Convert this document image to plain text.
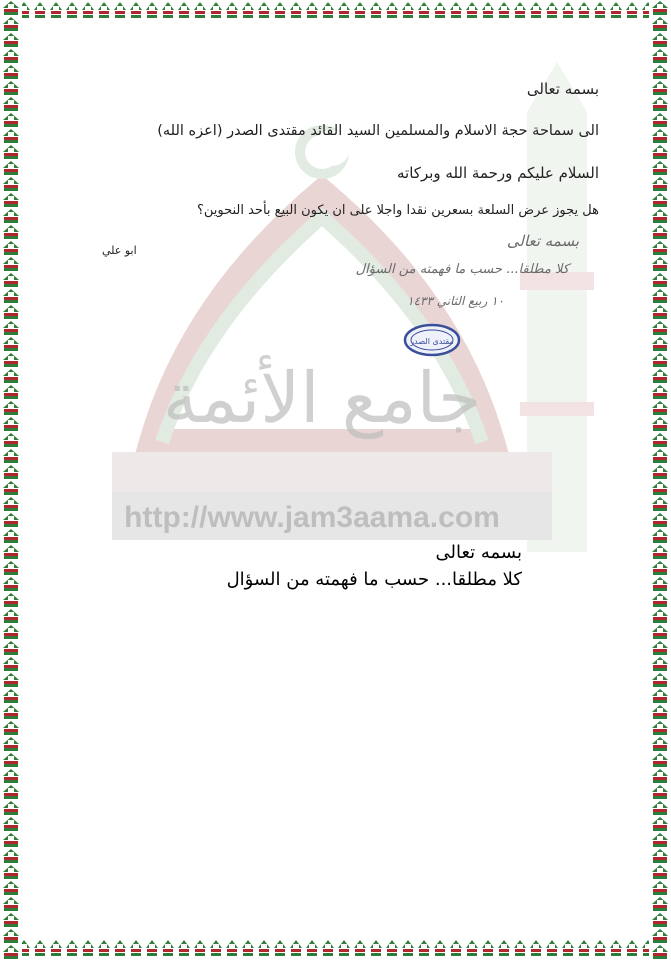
جامع الأئمة
http://www.jam3aama.com
بسمه تعالى
الى سماحة حجة الاسلام والمسلمين السيد القائد مقتدى الصدر (اعزه الله)
السلام عليكم ورحمة الله وبركاته
هل يجوز عرض السلعة بسعرين نقدا واجلا على ان يكون البيع بأحد النحوين؟
ابو علي
بسمه تعالى
كلا مطلقا... حسب ما فهمته من السؤال
١٠ ربيع الثاني ١٤٣٣
مقتدى الصدر
بسمه تعالى
كلا مطلقا... حسب ما فهمته من السؤال
